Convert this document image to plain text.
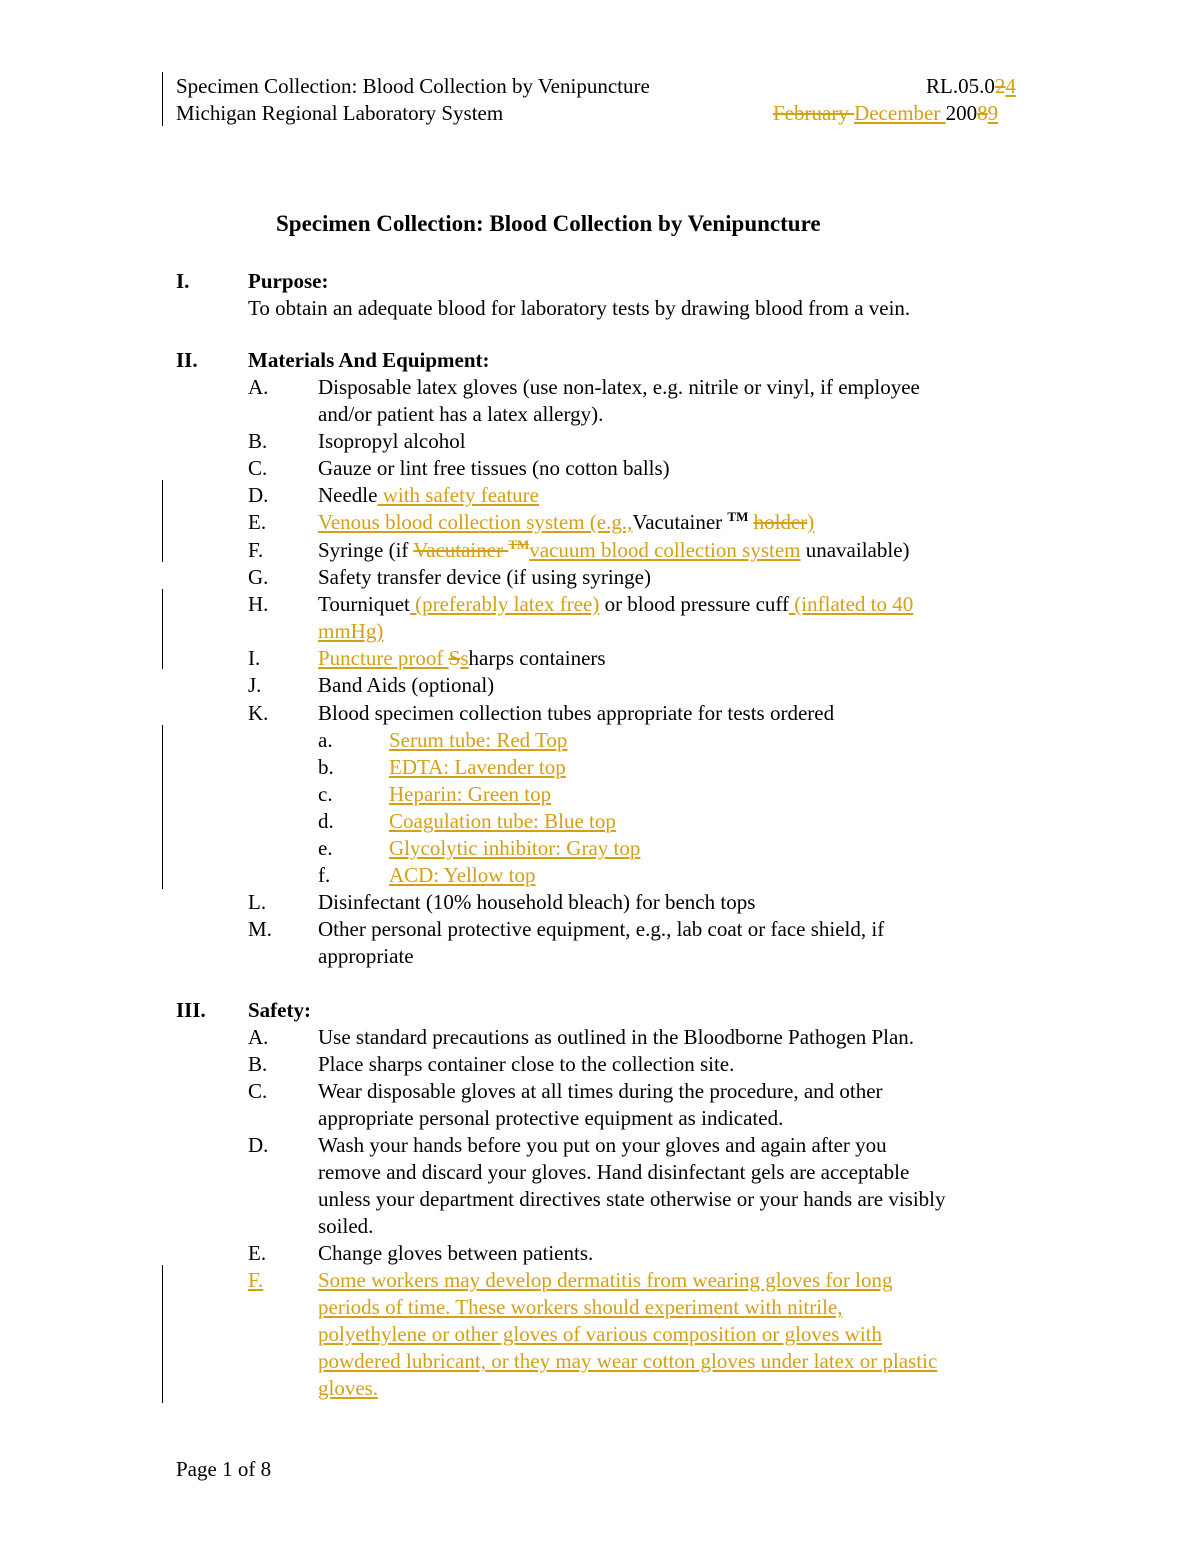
Specimen Collection: Blood Collection by Venipuncture	RL.05.024
Michigan Regional Laboratory System	February December 20089
Specimen Collection: Blood Collection by Venipuncture
I.	Purpose:
To obtain an adequate blood for laboratory tests by drawing blood from a vein.
II. Materials And Equipment:
A. Disposable latex gloves (use non-latex, e.g. nitrile or vinyl, if employee
and/or patient has a latex allergy).
B. Isopropyl alcohol
C. Gauze or lint free tissues (no cotton balls)
D. Needle with safety feature
E. Venous blood collection system (e.g.,Vacutainer ™ holder)
F.	Syringe (if Vacutainer ™vacuum blood collection system unavailable)
G. Safety transfer device (if using syringe)
H. Tourniquet (preferably latex free) or blood pressure cuff (inflated to 40
mmHg)
I.	Puncture proof Ssharps containers
J.	Band Aids (optional)
K. Blood specimen collection tubes appropriate for tests ordered
a.	Serum tube: Red Top
b.	EDTA: Lavender top
c.	Heparin: Green top
d.	Coagulation tube: Blue top
e.	Glycolytic inhibitor: Gray top
f.	ACD: Yellow top
L. Disinfectant (10% household bleach) for bench tops
M. Other personal protective equipment, e.g., lab coat or face shield, if
appropriate
III. Safety:
A. Use standard precautions as outlined in the Bloodborne Pathogen Plan.
B. Place sharps container close to the collection site.
C. Wear disposable gloves at all times during the procedure, and other
appropriate personal protective equipment as indicated.
D. Wash your hands before you put on your gloves and again after you
remove and discard your gloves. Hand disinfectant gels are acceptable
unless your department directives state otherwise or your hands are visibly
soiled.
E. Change gloves between patients.
F.	Some workers may develop dermatitis from wearing gloves for long
periods of time. These workers should experiment with nitrile,
polyethylene or other gloves of various composition or gloves with
powdered lubricant, or they may wear cotton gloves under latex or plastic
gloves.
Page 1 of 8
